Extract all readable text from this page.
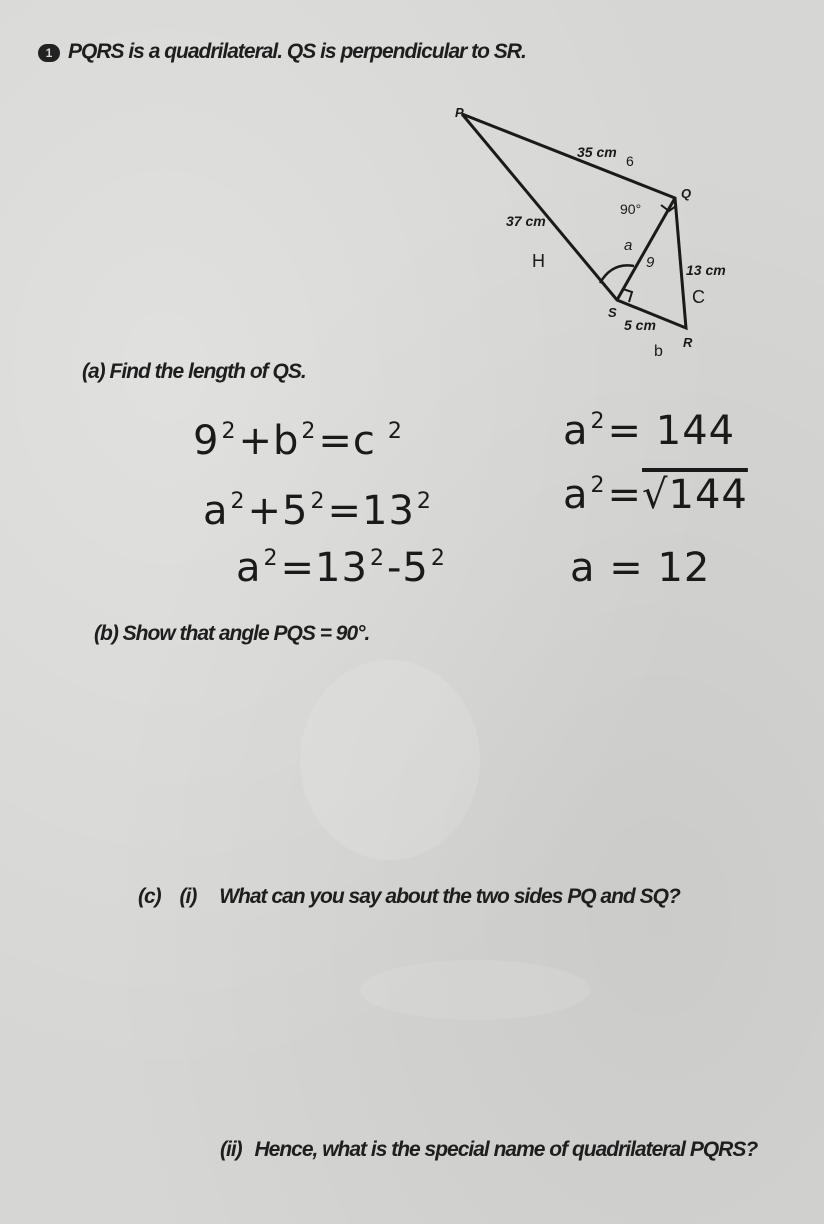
1 PQRS is a quadrilateral. QS is perpendicular to SR.
P
Q
S
R
35 cm
6
37 cm
H
90°
a
9 13 cm
C
5 cm
b
(a) Find the length of QS.
$9^2+b^2=c$ $^2$
$a^2+5^2=13^2$
$a^2=13^2-5^2$
$a^2= 144$
$a^2=√144$
a = 12
(b) Show that angle PQS = 90°.
(c) (i) What can you say about the two sides PQ and SQ?
(ii) Hence, what is the special name of quadrilateral PQRS?
